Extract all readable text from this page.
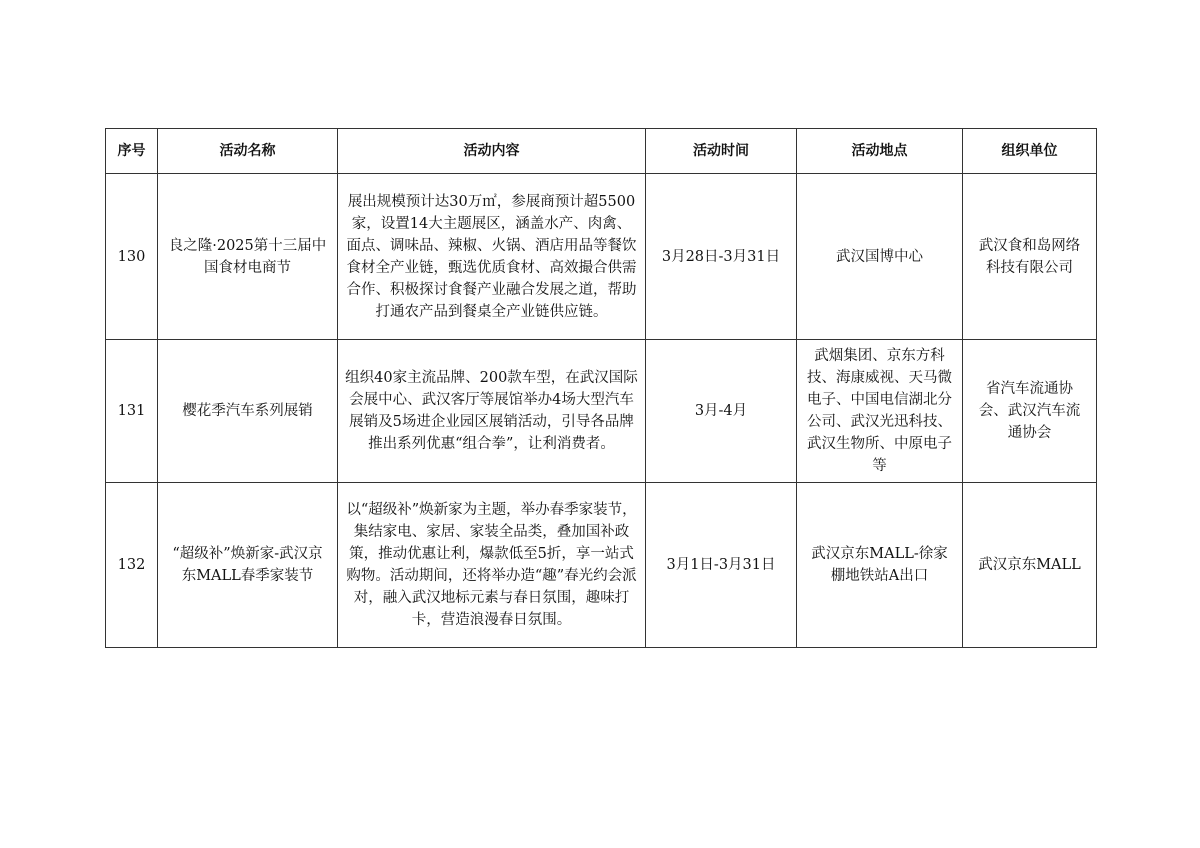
序号	活动名称	活动内容	活动时间	活动地点	组织单位

130	良之隆·2025第十三届中国食材电商节	展出规模预计达30万㎡，参展商预计超5500家，设置14大主题展区，涵盖水产、肉禽、面点、调味品、辣椒、火锅、酒店用品等餐饮食材全产业链，甄选优质食材、高效撮合供需合作、积极探讨食餐产业融合发展之道，帮助打通农产品到餐桌全产业链供应链。	3月28日-3月31日	武汉国博中心	武汉食和岛网络科技有限公司

131	樱花季汽车系列展销	组织40家主流品牌、200款车型，在武汉国际会展中心、武汉客厅等展馆举办4场大型汽车展销及5场进企业园区展销活动，引导各品牌推出系列优惠“组合拳”，让利消费者。	3月-4月	武烟集团、京东方科技、海康威视、天马微电子、中国电信湖北分公司、武汉光迅科技、武汉生物所、中原电子等	省汽车流通协会、武汉汽车流通协会

132	“超级补”焕新家-武汉京东MALL春季家装节	以“超级补”焕新家为主题，举办春季家装节，集结家电、家居、家装全品类，叠加国补政策，推动优惠让利，爆款低至5折，享一站式购物。活动期间，还将举办造“趣”春光约会派对，融入武汉地标元素与春日氛围，趣味打卡，营造浪漫春日氛围。	3月1日-3月31日	武汉京东MALL-徐家棚地铁站A出口	武汉京东MALL
